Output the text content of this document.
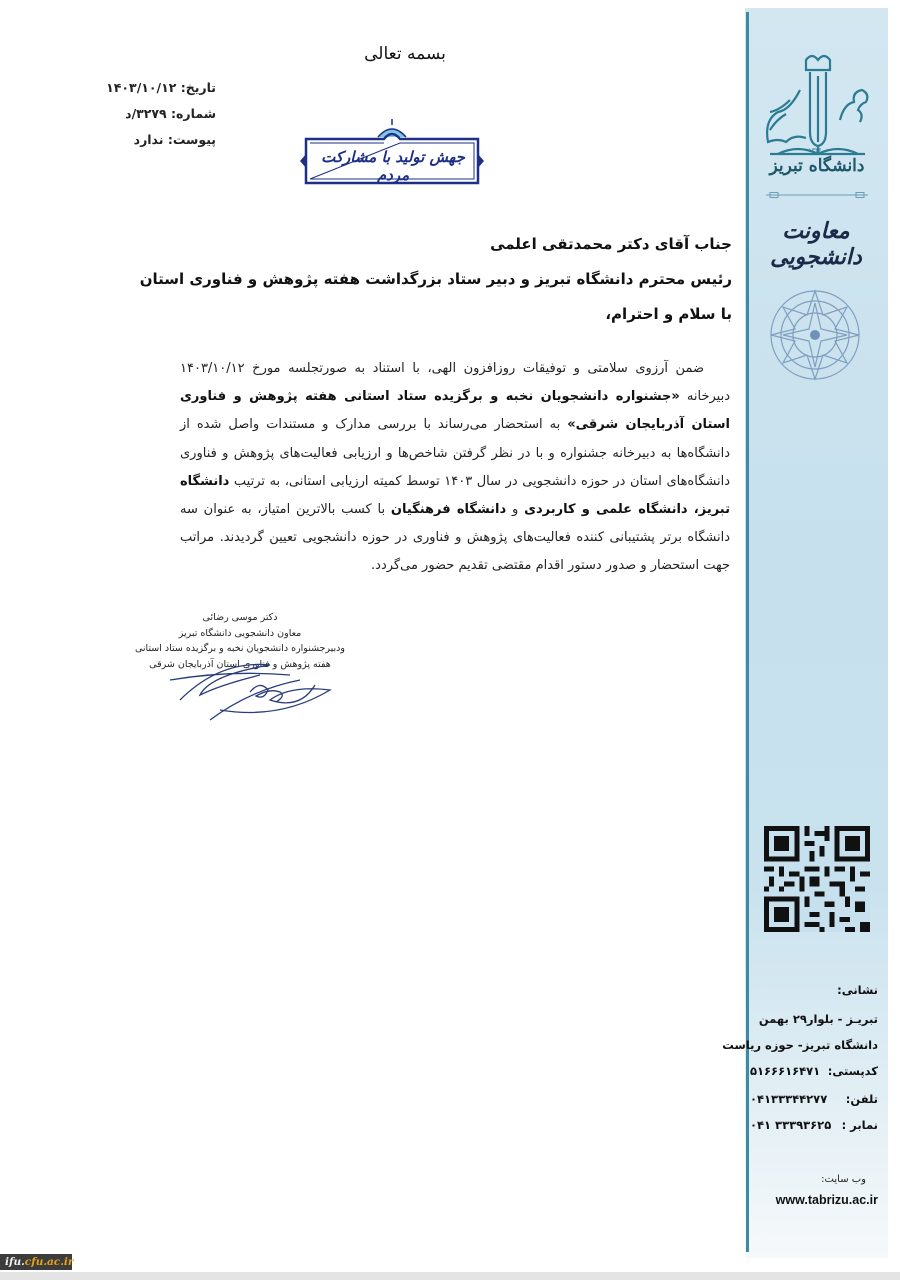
۱۳۲۶
دانشگاه تبریز
معاونت دانشجویی
نشانی:
تبریـز - بلوار۲۹ بهمن
دانشگاه تبریز- حوزه ریاست
کدپستی:
۵۱۶۶۶۱۶۴۷۱
تلفن:
۰۴۱۳۳۳۴۴۲۷۷
نمابر :
۰۴۱ ۳۳۳۹۳۶۲۵
وب سایت:
www.tabrizu.ac.ir
بسمه تعالی
تاریخ: ۱۴۰۳/۱۰/۱۲
شماره: ۳۲۷۹/د
پیوست: ندارد
جهش تولید با مشارکت مردم
جناب آقای دکتر محمدتقی اعلمی
رئیس محترم دانشگاه تبریز و دبیر ستاد بزرگداشت هفته پژوهش و فناوری استان
با سلام و احترام،

ضمن آرزوی سلامتی و توفیقات روزافزون الهی، با استناد به صورتجلسه مورخ ۱۴۰۳/۱۰/۱۲ دبیرخانه «جشنواره دانشجویان نخبه و برگزیده ستاد استانی هفته پژوهش و فناوری استان آذربایجان شرقی» به استحضار می‌رساند با بررسی مدارک و مستندات واصل شده از دانشگاه‌ها به دبیرخانه جشنواره و با در نظر گرفتن شاخص‌ها و ارزیابی فعالیت‌های پژوهش و فناوری دانشگاه‌های استان در حوزه دانشجویی در سال ۱۴۰۳ توسط کمیته ارزیابی استانی، به ترتیب دانشگاه تبریز، دانشگاه علمی و کاربردی و دانشگاه فرهنگیان با کسب بالاترین امتیاز، به عنوان سه دانشگاه برتر پشتیبانی کننده فعالیت‌های پژوهش و فناوری در حوزه دانشجویی تعیین گردیدند. مراتب جهت استحضار و صدور دستور اقدام مقتضی تقدیم حضور می‌گردد.

دکتر موسی رضائی
معاون دانشجویی دانشگاه تبریز
ودبیرجشنواره دانشجویان نخبه و برگزیده ستاد استانی
هفته پژوهش و فناوری استان آذربایجان شرقی
ifu.cfu.ac.ir
